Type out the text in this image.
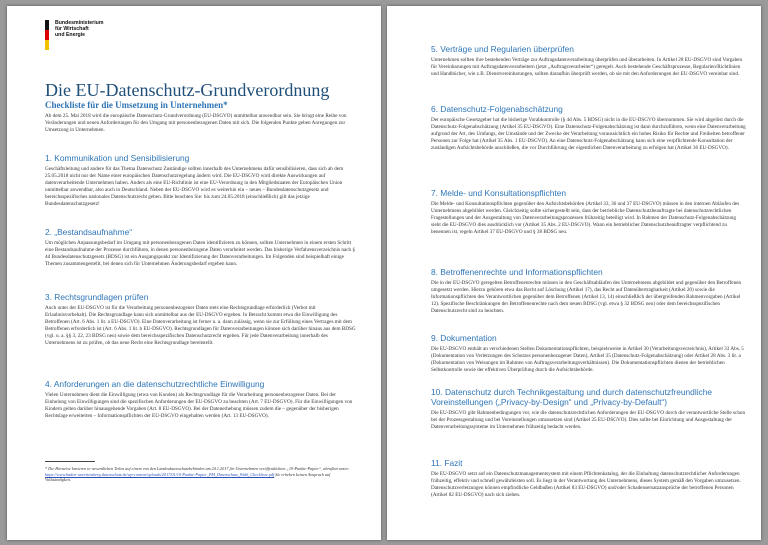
Bundesministerium
für Wirtschaft
und Energie
Die EU-Datenschutz-Grundverordnung
Checkliste für die Umsetzung in Unternehmen*

Ab dem 25. Mai 2018 wird die europäische Datenschutz-Grundverordnung (EU-DSGVO) unmittelbar anwendbar sein. Sie bringt eine Reihe von Veränderungen und neuen Anforderungen für den Umgang mit personenbezogenen Daten mit sich. Die folgenden Punkte geben Anregungen zur Umsetzung in Unternehmen.

1. Kommunikation und Sensibilisierung

Geschäftsleitung und andere für das Thema Datenschutz Zuständige sollten innerhalb des Unternehmens dafür sensibilisieren, dass sich ab dem 25.05.2018 nicht nur der Name einer europäischen Datenschutzregelung ändern wird. Die EU-DSGVO wird direkte Auswirkungen auf datenverarbeitende Unternehmen haben. Anders als eine EU-Richtlinie ist eine EU-Verordnung in den Mitgliedstaaten der Europäischen Union unmittelbar anwendbar, also auch in Deutschland. Neben der EU-DSGVO wird es weiterhin ein – neues – Bundesdatenschutzgesetz und bereichsspezifisches nationales Datenschutzrecht geben. Bitte beachten Sie: bis zum 24.05.2018 (einschließlich) gilt das jetzige Bundesdatenschutzgesetz!

2. „Bestandsaufnahme“

Um möglichen Anpassungsbedarf im Umgang mit personenbezogenen Daten identifizieren zu können, sollten Unternehmen in einem ersten Schritt eine Bestandsaufnahme der Prozesse durchführen, in denen personenbezogene Daten verarbeitet werden. Das bisherige Verfahrensverzeichnis nach § 4d Bundesdatenschutzgesetz (BDSG) ist ein Ausgangspunkt zur Identifizierung der Datenverarbeitungen. Im Folgenden sind beispielhaft einige Themen zusammengestellt, bei denen sich für Unternehmen Änderungsbedarf ergeben kann.

3. Rechtsgrundlagen prüfen

Auch unter der EU-DSGVO ist für die Verarbeitung personenbezogener Daten stets eine Rechtsgrundlage erforderlich (Verbot mit Erlaubnisvorbehalt). Die Rechtsgrundlage kann sich unmittelbar aus der EU-DSGVO ergeben. In Betracht kommt etwa die Einwilligung des Betroffenen (Art. 6 Abs. 1 lit. a EU-DSGVO). Eine Datenverarbeitung ist ferner u. a. dann zulässig, wenn sie zur Erfüllung eines Vertrages mit dem Betroffenen erforderlich ist (Art. 6 Abs. 1 lit. b EU-DSGVO). Rechtsgrundlagen für Datenverarbeitungen können sich darüber hinaus aus dem BDSG (vgl. u. a. §§ 3, 22, 23 BDSG neu) sowie dem bereichsspezifischen Datenschutzrecht ergeben. Für jede Datenverarbeitung innerhalb des Unternehmens ist zu prüfen, ob das neue Recht eine Rechtsgrundlage bereitstellt.

4. Anforderungen an die datenschutzrechtliche Einwilligung

Vielen Unternehmen dient die Einwilligung (etwa von Kunden) als Rechtsgrundlage für die Verarbeitung personenbezogener Daten. Bei der Einholung von Einwilligungen sind die spezifischen Anforderungen der EU-DSGVO zu beachten (Art. 7 EU-DSGVO). Für die Einwilligungen von Kindern gelten darüber hinausgehende Vorgaben (Art. 8 EU-DSGVO). Bei der Datenerhebung müssen zudem die – gegenüber der bisherigen Rechtslage erweiterten – Informationspflichten der EU-DSGVO eingehalten werden (Art. 13 EU-DSGVO).

* Die Hinweise basieren in wesentlichen Teilen auf einem von den Landesdatenschutzbehörden am 24.1.2017 für Unternehmen veröffentlichten „10-Punkte-Papier“, abrufbar unter: https://www.baden-wuerttemberg.datenschutz.de/wp-content/uploads/2017/01/10-Punkte-Papier_PM_Datenschutz_Wahl_Checkliste.pdf Sie erheben keinen Anspruch auf Vollständigkeit.
5. Verträge und Regularien überprüfen

Unternehmen sollten ihre bestehenden Verträge zur Auftragsdatenverarbeitung überprüfen und überarbeiten. In Artikel 28 EU-DSGVO sind Vorgaben für Vereinbarungen mit Auftragsdatenverarbeitern (jetzt „Auftragsverarbeiter“) geregelt. Auch bestehende Geschäftsprozesse, Regularien/Richtlinien und Handbücher, wie z.B. Dienstvereinbarungen, sollten daraufhin überprüft werden, ob sie mit den Anforderungen der EU-DSGVO vereinbar sind.

6. Datenschutz-Folgenabschätzung

Der europäische Gesetzgeber hat die bisherige Vorabkontrolle (§ 4d Abs. 5 BDSG) nicht in die EU-DSGVO übernommen. Sie wird abgelöst durch die Datenschutz-Folgenabschätzung (Artikel 35 EU-DSGVO). Eine Datenschutz-Folgenabschätzung ist dann durchzuführen, wenn eine Datenverarbeitung aufgrund der Art, des Umfangs, der Umstände und der Zwecke der Verarbeitung voraussichtlich ein hohes Risiko für Rechte und Freiheiten betroffener Personen zur Folge hat (Artikel 35 Abs. 1 EU-DSGVO). An eine Datenschutz-Folgenabschätzung kann sich eine verpflichtende Konsultation der zuständigen Aufsichtsbehörde anschließen, die vor Durchführung der eigentlichen Datenverarbeitung zu erfolgen hat (Artikel 36 EU-DSGVO).

7. Melde- und Konsultationspflichten

Die Melde- und Konsultationspflichten gegenüber den Aufsichtsbehörden (Artikel 33, 36 und 37 EU-DSGVO) müssen in den internen Abläufen des Unternehmens abgebildet werden. Gleichzeitig sollte sichergestellt sein, dass der betriebliche Datenschutzbeauftragte bei datenschutzrechtlichen Fragestellungen und der Ausgestaltung von Datenverarbeitungsprozessen frühzeitig beteiligt wird. In Rahmen der Datenschutz-Folgenabschätzung sieht die EU-DSGVO dies ausdrücklich vor (Artikel 35 Abs. 2 EU-DSGVO). Wann ein betrieblicher Datenschutzbeauftragter verpflichtend zu benennen ist, regeln Artikel 37 EU-DSGVO und § 38 BDSG neu.

8. Betroffenenrechte und Informationspflichten

Die in der EU-DSGVO geregelten Betroffenenrechte müssen in den Geschäftsabläufen des Unternehmens abgebildet und gegenüber den Betroffenen umgesetzt werden. Hierzu gehören etwa das Recht auf Löschung (Artikel 17), das Recht auf Datenübertragbarkeit (Artikel 20) sowie die Informationspflichten des Verantwortlichen gegenüber dem Betroffenen (Artikel 13, 14) einschließlich der übergreifenden Rahmenvorgaben (Artikel 12). Spezifische Beschränkungen der Betroffenenrechte nach dem neuen BDSG (vgl. etwa § 32 BDSG neu) oder dem bereichsspezifischen Datenschutzrecht sind zu beachten.

9. Dokumentation

Die EU-DSGVO enthält an verschiedenen Stellen Dokumentationspflichten, beispielsweise in Artikel 30 (Verarbeitungsverzeichnis), Artikel 33 Abs. 5 (Dokumentation von Verletzungen des Schutzes personenbezogener Daten), Artikel 35 (Datenschutz-Folgenabschätzung) oder Artikel 28 Abs. 3 lit. a (Dokumentation von Weisungen im Rahmen von Auftragsverarbeitungsverhältnissen). Die Dokumentationspflichten dienen der betrieblichen Selbstkontrolle sowie der effektiven Überprüfung durch die Aufsichtsbehörde.

10. Datenschutz durch Technikgestaltung und durch datenschutzfreundliche Voreinstellungen („Privacy-by-Design“ und „Privacy-by-Default“)

Die EU-DSGVO gibt Rahmenbedingungen vor, wie die datenschutzrechtlichen Anforderungen der EU-DSGVO durch die verantwortliche Stelle schon bei der Prozessgestaltung und bei Voreinstellungen umzusetzen sind (Artikel 25 EU-DSGVO). Dies sollte bei Einrichtung und Ausgestaltung der Datenverarbeitungssysteme im Unternehmen frühzeitig bedacht werden.

11. Fazit

Die EU-DSGVO setzt auf ein Datenschutzmanagementsystem mit einem Pflichtenkatalog, der die Einhaltung datenschutzrechtlicher Anforderungen frühzeitig, effektiv und schnell gewährleisten soll. Es liegt in der Verantwortung des Unternehmens, dieses System gemäß den Vorgaben umzusetzen. Datenschutzverletzungen können empfindliche Geldbußen (Artikel 83 EU-DSGVO) und/oder Schadensersatzansprüche der betroffenen Personen (Artikel 82 EU-DSGVO) nach sich ziehen.
